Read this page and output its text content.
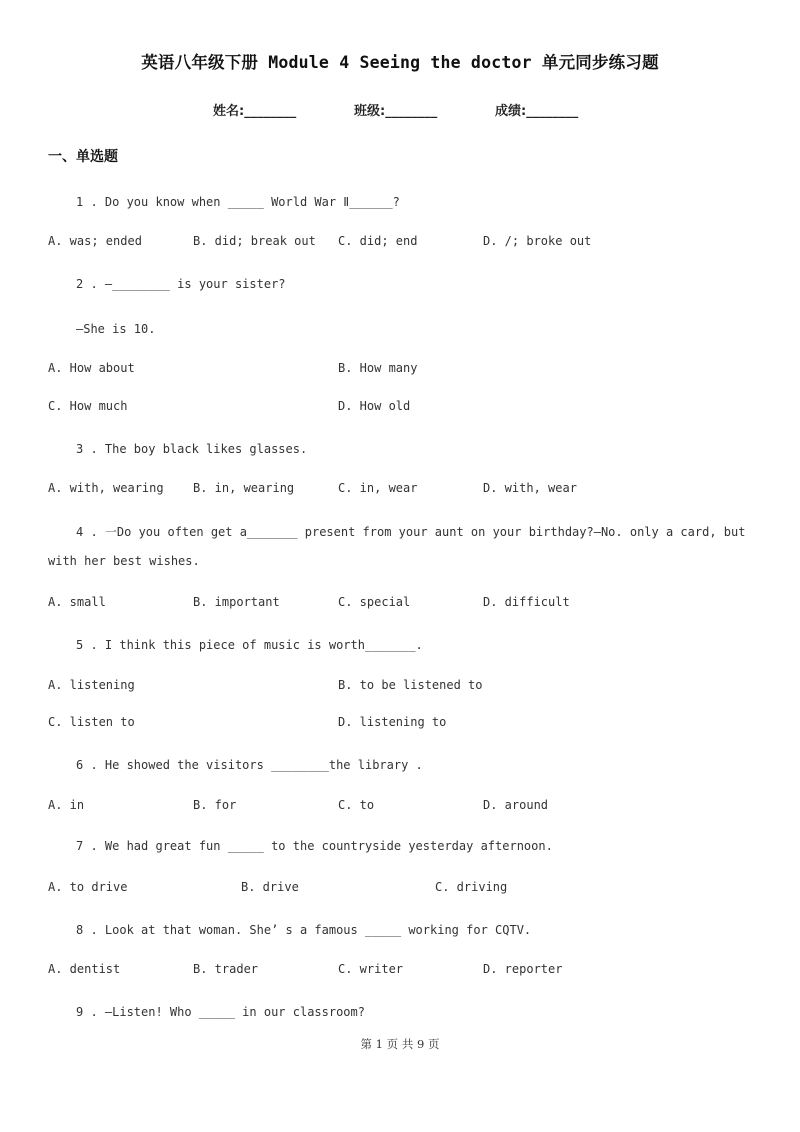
英语八年级下册 Module 4 Seeing the doctor 单元同步练习题
姓名:________	班级:________	成绩:________
一、单选题
1 . Do you know when _____ World War Ⅱ______?
A. was; ended	B. did; break out C. did; end	D. /; broke out
2 . —________ is your sister?
—She is 10.
A. How about	B. How many
C. How much	D. How old
3 . The boy black likes glasses.
A. with, wearing B. in, wearing	C. in, wear	D. with, wear
4 . 一Do you often get a_______ present from your aunt on your birthday?—No. only a card, but
with her best wishes.
A. small	B. important	C. special	D. difficult
5 . I think this piece of music is worth_______.
A. listening	B. to be listened to
C. listen to	D. listening to
6 . He showed the visitors ________the library .
A. in	B. for	C. to	D. around
7 . We had great fun _____ to the countryside yesterday afternoon.
A. to drive	B. drive	C. driving
8 . Look at that woman. She’ s a famous _____ working for CQTV.
A. dentist	B. trader	C. writer	D. reporter
9 . —Listen! Who _____ in our classroom?
第 1 页 共 9 页
